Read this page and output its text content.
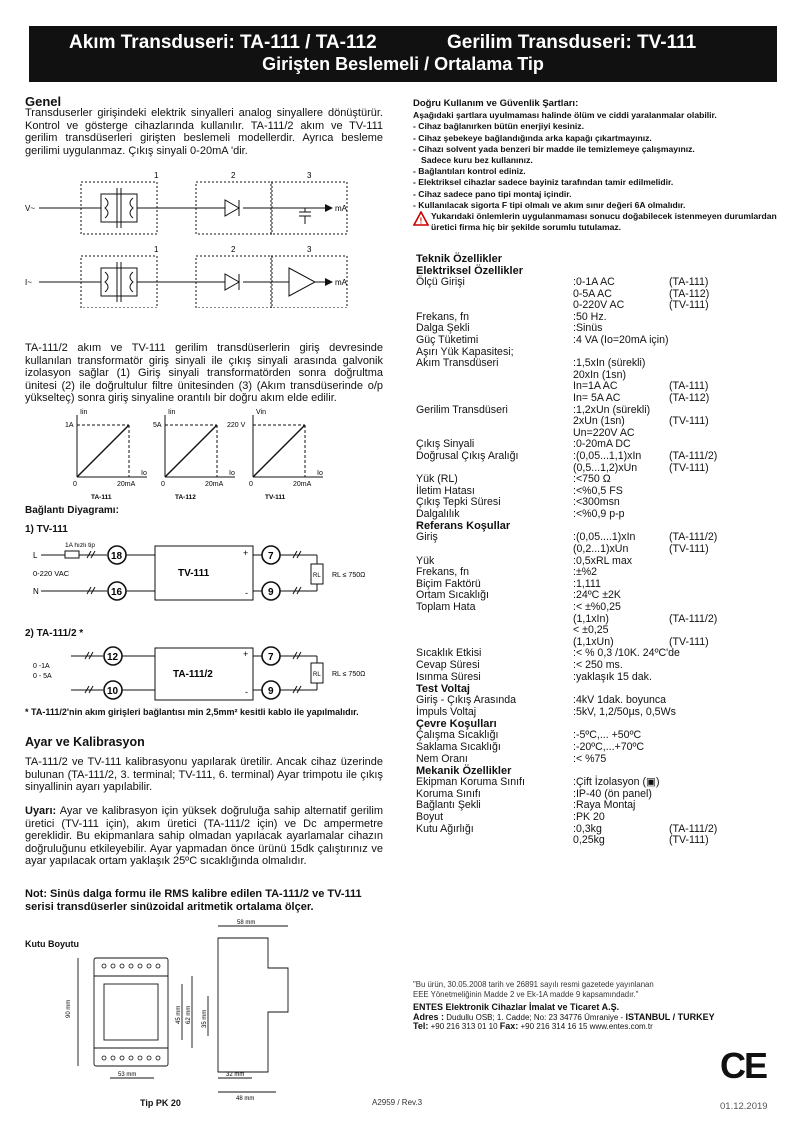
Akım Transduseri: TA-111 / TA-112	Gerilim Transduseri: TV-111
Girişten Beslemeli / Ortalama Tip
Genel
Transduserler girişindeki elektrik sinyalleri analog sinyallere dönüştürür. Kontrol ve gösterge cihazlarında kullanılır. TA-111/2 akım ve TV-111 gerilim transdüserleri girişten beslemeli modellerdir. Ayrıca besleme gerilimi uygulanmaz. Çıkış sinyali 0-20mA 'dir.
1	2	3
1	2	3
V~
I~
mA
mA
TA-111/2 akım ve TV-111 gerilim transdüserlerin giriş devresinde kullanılan transformatör giriş sinyali ile çıkış sinyali arasında galvonik izolasyon sağlar (1) Giriş sinyali transformatörden sonra doğrultma ünitesi (2) ile doğrultulur filtre ünitesinden (3) (Akım transdüserinde o/p yükselteç) sonra giriş sinyaline orantılı bir doğru akım elde edilir.
1A
Iin
0	20mA
Io
TA-111
5A
Iin
0	20mA
Io
TA-112
220 V
Vin
0	20mA
Io
TV-111
Bağlantı Diyagramı:
1) TV-111
L
N
1A hızlı tip
0-220 VAC
18
16
TV-111
+
-
7
9
RL RL ≤ 750Ω
2) TA-111/2 *
0 -1A
0 - 5A
12
10
TA-111/2
+
-
7
9
RL RL ≤ 750Ω
* TA-111/2'nin akım girişleri bağlantısı min 2,5mm² kesitli kablo ile yapılmalıdır.
Ayar ve Kalibrasyon
TA-111/2 ve TV-111 kalibrasyonu yapılarak üretilir. Ancak cihaz üzerinde bulunan (TA-111/2, 3. terminal; TV-111, 6. terminal) Ayar trimpotu ile çıkış sinyallinin ayarı yapılabilir.
Uyarı: Ayar ve kalibrasyon için yüksek doğruluğa sahip alternatif gerilim üretici (TV-111 için), akım üretici (TA-111/2 için) ve Dc ampermetre gereklidir. Bu ekipmanlara sahip olmadan yapılacak ayarlamalar cihazın doğruluğunu etkileyebilir. Ayar yapmadan önce ürünü 15dk çalıştırınız ve ayar yapılacak ortam yaklaşık 25ºC sıcaklığında olmalıdır.
Not: Sinüs dalga formu ile RMS kalibre edilen TA-111/2 ve TV-111 serisi transdüserler sinüzoidal aritmetik ortalama ölçer.
Kutu Boyutu
58 mm
90 mm	45 mm 62 mm 35 mm
53 mm	32 mm
48 mm
Tip PK 20
Doğru Kullanım ve Güvenlik Şartları:
Aşağıdaki şartlara uyulmaması halinde ölüm ve ciddi yaralanmalar olabilir.
- Cihaz bağlanırken bütün enerjiyi kesiniz.
- Cihaz şebekeye bağlandığında arka kapağı çıkartmayınız.
- Cihazı solvent yada benzeri bir madde ile temizlemeye çalışmayınız.
Sadece kuru bez kullanınız.
- Bağlantıları kontrol ediniz.
- Elektriksel cihazlar sadece bayiniz tarafından tamir edilmelidir.
- Cihaz sadece pano tipi montaj içindir.
- Kullanılacak sigorta F tipi olmalı ve akım sınır değeri 6A olmalıdır.
! Yukarıdaki önlemlerin uygulanmaması sonucu doğabilecek istenmeyen durumlardan üretici firma hiç bir şekilde sorumlu tutulamaz.
Teknik Özellikler
Elektriksel Özellikler
Ölçü Girişi	:0-1A AC	(TA-111)
0-5A AC	(TA-112)
0-220V AC	(TV-111)
Frekans, fn	:50 Hz.
Dalga Şekli	:Sinüs
Güç Tüketimi	:4 VA (Io=20mA için)
Aşırı Yük Kapasitesi;
Akım Transdüseri	:1,5xIn (sürekli)
20xIn (1sn)
In=1A AC	(TA-111)
In= 5A AC	(TA-112)
Gerilim Transdüseri	:1,2xUn (sürekli)
2xUn (1sn)	(TV-111)
Un=220V AC
Çıkış Sinyali	:0-20mA DC
Doğrusal Çıkış Aralığı	:(0,05...1,1)xIn	(TA-111/2)
(0,5...1,2)xUn	(TV-111)
Yük (RL)	:<750 Ω
İletim Hatası	:<%0,5 FS
Çıkış Tepki Süresi	:<300msn
Dalgalılık	:<%0,9 p-p
Referans Koşullar
Giriş	:(0,05....1)xIn	(TA-111/2)
(0,2...1)xUn	(TV-111)
Yük	:0,5xRL max
Frekans, fn	:±%2
Biçim Faktörü	:1,111
Ortam Sıcaklığı	:24ºC ±2K
Toplam Hata	:< ±%0,25
(1,1xIn)	(TA-111/2)
< ±0,25
(1,1xUn)	(TV-111)
Sıcaklık Etkisi	:< % 0,3 /10K. 24ºC'de
Cevap Süresi	:< 250 ms.
Isınma Süresi	:yaklaşık 15 dak.
Test Voltaj
Giriş - Çıkış Arasında	:4kV 1dak. boyunca
İmpuls Voltaj	:5kV, 1,2/50µs, 0,5Ws
Çevre Koşulları
Çalışma Sıcaklığı	:-5ºC,... +50ºC
Saklama Sıcaklığı	:-20ºC,...+70ºC
Nem Oranı	:< %75
Mekanik Özellikler
Ekipman Koruma Sınıfı	:Çift İzolasyon (▣)
Koruma Sınıfı	:IP-40 (ön panel)
Bağlantı Şekli	:Raya Montaj
Boyut	:PK 20
Kutu Ağırlığı	:0,3kg	(TA-111/2)
0,25kg	(TV-111)
"Bu ürün, 30.05.2008 tarih ve 26891 sayılı resmi gazetede yayınlanan
EEE Yönetmeliğinin Madde 2 ve Ek-1A madde 9 kapsamındadır."
ENTES Elektronik Cihazlar İmalat ve Ticaret A.Ş.
Adres : Dudullu OSB; 1. Cadde; No: 23 34776 Ümraniye - ISTANBUL / TURKEY
Tel: +90 216 313 01 10 Fax: +90 216 314 16 15 www.entes.com.tr
CE
A2959 / Rev.3	01.12.2019
